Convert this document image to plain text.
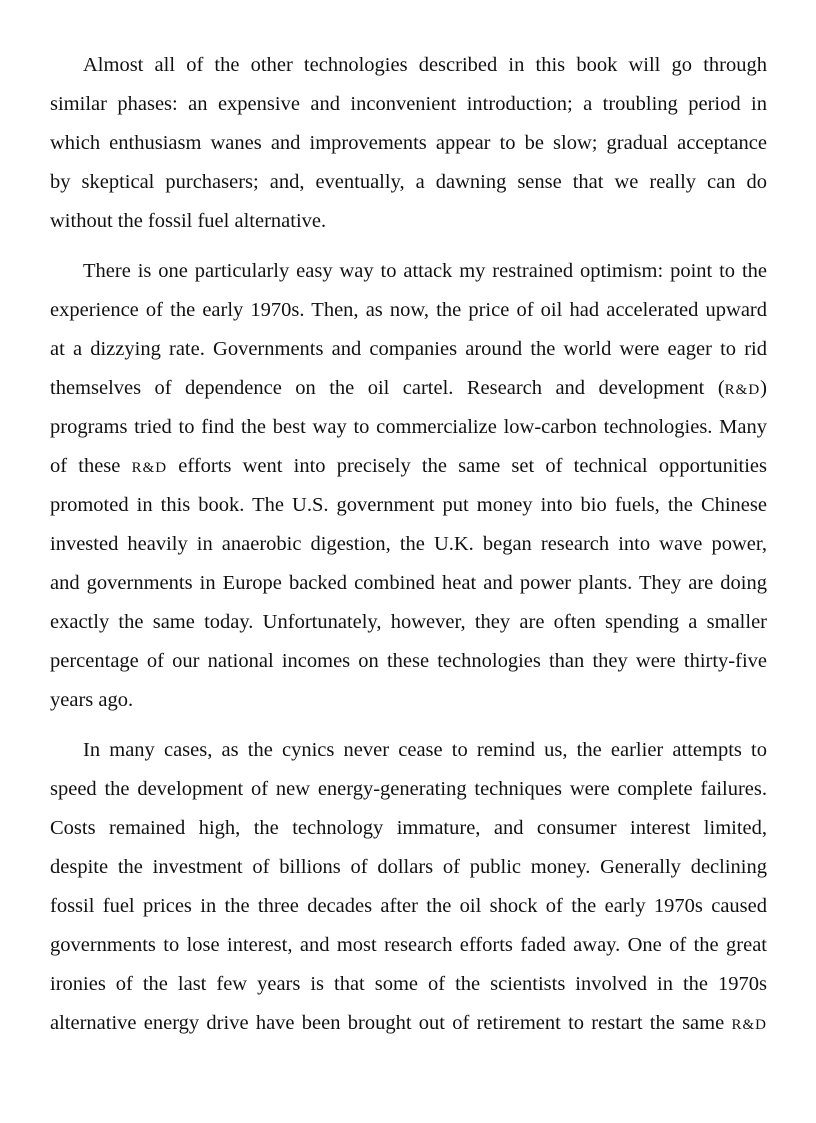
Almost all of the other technologies described in this book will go through
similar phases: an expensive and inconvenient introduction; a troubling period in
which enthusiasm wanes and improvements appear to be slow; gradual acceptance
by skeptical purchasers; and, eventually, a dawning sense that we really can do
without the fossil fuel alternative.
There is one particularly easy way to attack my restrained optimism: point to the
experience of the early 1970s. Then, as now, the price of oil had accelerated upward
at a dizzying rate. Governments and companies around the world were eager to rid
themselves of dependence on the oil cartel. Research and development (R&D)
programs tried to find the best way to commercialize low-carbon technologies. Many
of these R&D efforts went into precisely the same set of technical opportunities
promoted in this book. The U.S. government put money into bio fuels, the Chinese
invested heavily in anaerobic digestion, the U.K. began research into wave power,
and governments in Europe backed combined heat and power plants. They are doing
exactly the same today. Unfortunately, however, they are often spending a smaller
percentage of our national incomes on these technologies than they were thirty-five
years ago.
In many cases, as the cynics never cease to remind us, the earlier attempts to
speed the development of new energy-generating techniques were complete failures.
Costs remained high, the technology immature, and consumer interest limited,
despite the investment of billions of dollars of public money. Generally declining
fossil fuel prices in the three decades after the oil shock of the early 1970s caused
governments to lose interest, and most research efforts faded away. One of the great
ironies of the last few years is that some of the scientists involved in the 1970s
alternative energy drive have been brought out of retirement to restart the same R&D
